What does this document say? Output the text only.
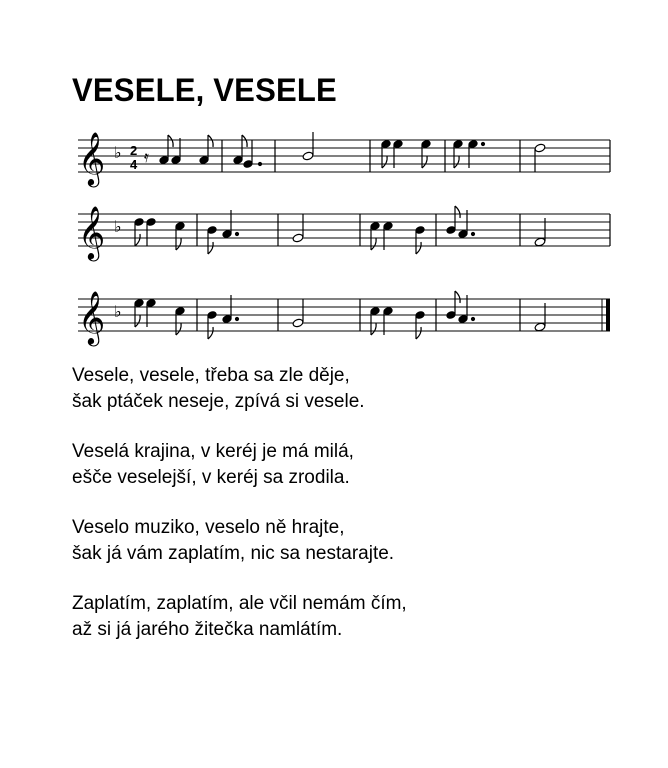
VESELE, VESELE
𝄞 ♭ 2
4 𝄿
𝄞 ♭
𝄞 ♭

Vesele, vesele, třeba sa zle děje,
šak ptáček neseje, zpívá si vesele.

Veselá krajina, v keréj je má milá,
ešče veselejší, v keréj sa zrodila.

Veselo muziko, veselo ně hrajte,
šak já vám zaplatím, nic sa nestarajte.

Zaplatím, zaplatím, ale včil nemám čím,
až si já jarého žitečka namlátím.
